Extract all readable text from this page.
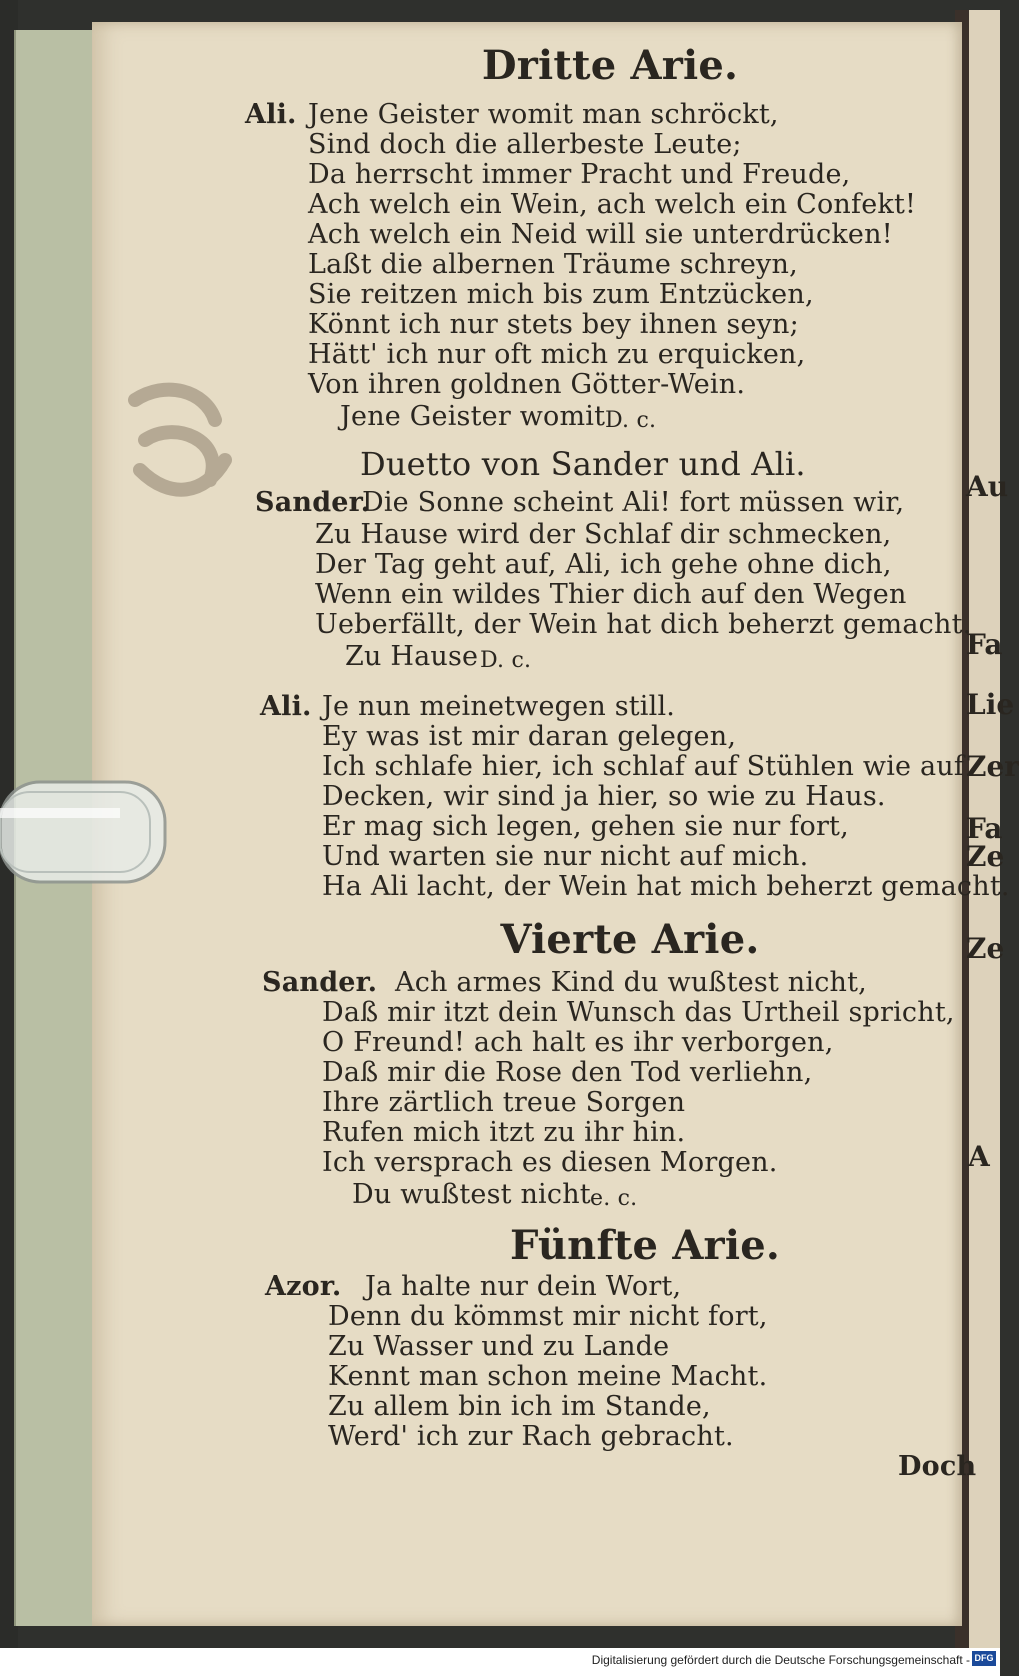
Dritte Arie.
Ali. Jene Geister womit man schröckt,
Sind doch die allerbeste Leute;
Da herrscht immer Pracht und Freude,
Ach welch ein Wein, ach welch ein Confekt!
Ach welch ein Neid will sie unterdrücken!
Laßt die albernen Träume schreyn,
Sie reitzen mich bis zum Entzücken,
Könnt ich nur stets bey ihnen seyn;
Hätt' ich nur oft mich zu erquicken,
Von ihren goldnen Götter-Wein.
Jene Geister womit D. c.
Duetto von Sander und Ali.
Sander.
Die Sonne scheint Ali! fort müssen wir,
Zu Hause wird der Schlaf dir schmecken,
Der Tag geht auf, Ali, ich gehe ohne dich,
Wenn ein wildes Thier dich auf den Wegen
Ueberfällt, der Wein hat dich beherzt gemacht.
Zu Hause D. c.
Ali. Je nun meinetwegen still.
Ey was ist mir daran gelegen,
Ich schlafe hier, ich schlaf auf Stühlen wie auf
Decken, wir sind ja hier, so wie zu Haus.
Er mag sich legen, gehen sie nur fort,
Und warten sie nur nicht auf mich.
Ha Ali lacht, der Wein hat mich beherzt gemacht.
Vierte Arie.
Sander. Ach armes Kind du wußtest nicht,
Daß mir itzt dein Wunsch das Urtheil spricht,
O Freund! ach halt es ihr verborgen,
Daß mir die Rose den Tod verliehn,
Ihre zärtlich treue Sorgen
Rufen mich itzt zu ihr hin.
Ich versprach es diesen Morgen.
Du wußtest nicht e. c.
Fünfte Arie.
Azor. Ja halte nur dein Wort,
Denn du kömmst mir nicht fort,
Zu Wasser und zu Lande
Kennt man schon meine Macht.
Zu allem bin ich im Stande,
Werd' ich zur Rach gebracht.
Doch
Au
Fa
Lie
Zer
Fa
Ze
Ze
A
Digitalisierung gefördert durch die Deutsche Forschungsgemeinschaft - DFG
